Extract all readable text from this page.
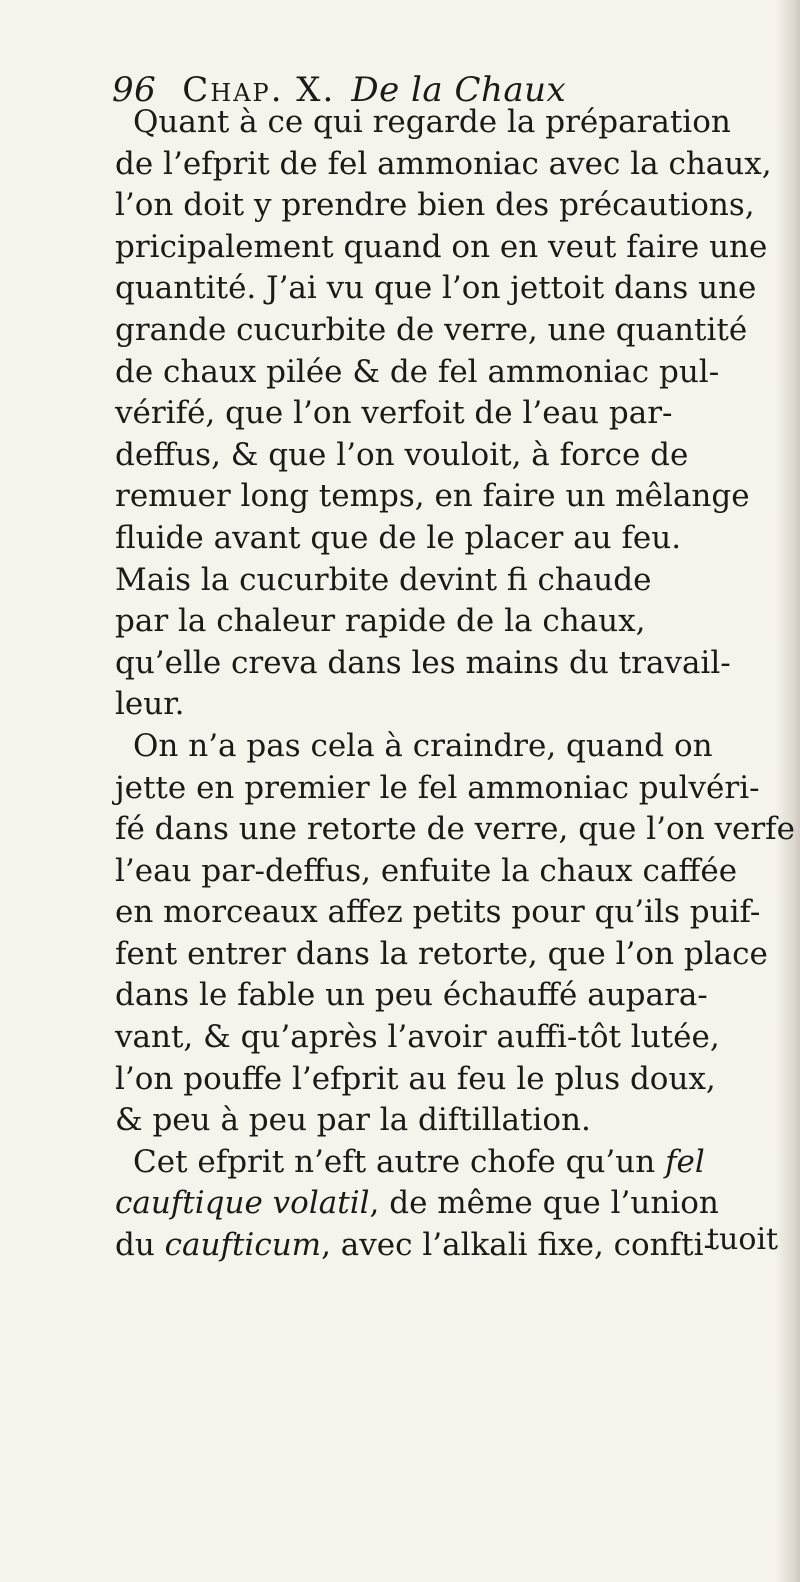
96 Chap. X. De la Chaux
Quant à ce qui regarde la préparation
de l’efprit de fel ammoniac avec la chaux,
l’on doit y prendre bien des précautions,
pricipalement quand on en veut faire une
quantité. J’ai vu que l’on jettoit dans une
grande cucurbite de verre, une quantité
de chaux pilée & de fel ammoniac pul-
vérifé, que l’on verfoit de l’eau par-
deffus, & que l’on vouloit, à force de
remuer long temps, en faire un mêlange
fluide avant que de le placer au feu.
Mais la cucurbite devint fi chaude
par la chaleur rapide de la chaux,
qu’elle creva dans les mains du travail-
leur.
On n’a pas cela à craindre, quand on
jette en premier le fel ammoniac pulvéri-
fé dans une retorte de verre, que l’on verfe
l’eau par-deffus, enfuite la chaux caffée
en morceaux affez petits pour qu’ils puif-
fent entrer dans la retorte, que l’on place
dans le fable un peu échauffé aupara-
vant, & qu’après l’avoir auffi-tôt lutée,
l’on pouffe l’efprit au feu le plus doux,
& peu à peu par la diftillation.
Cet efprit n’eft autre chofe qu’un fel
cauftique volatil, de même que l’union
du caufticum, avec l’alkali fixe, confti-
tuoit
